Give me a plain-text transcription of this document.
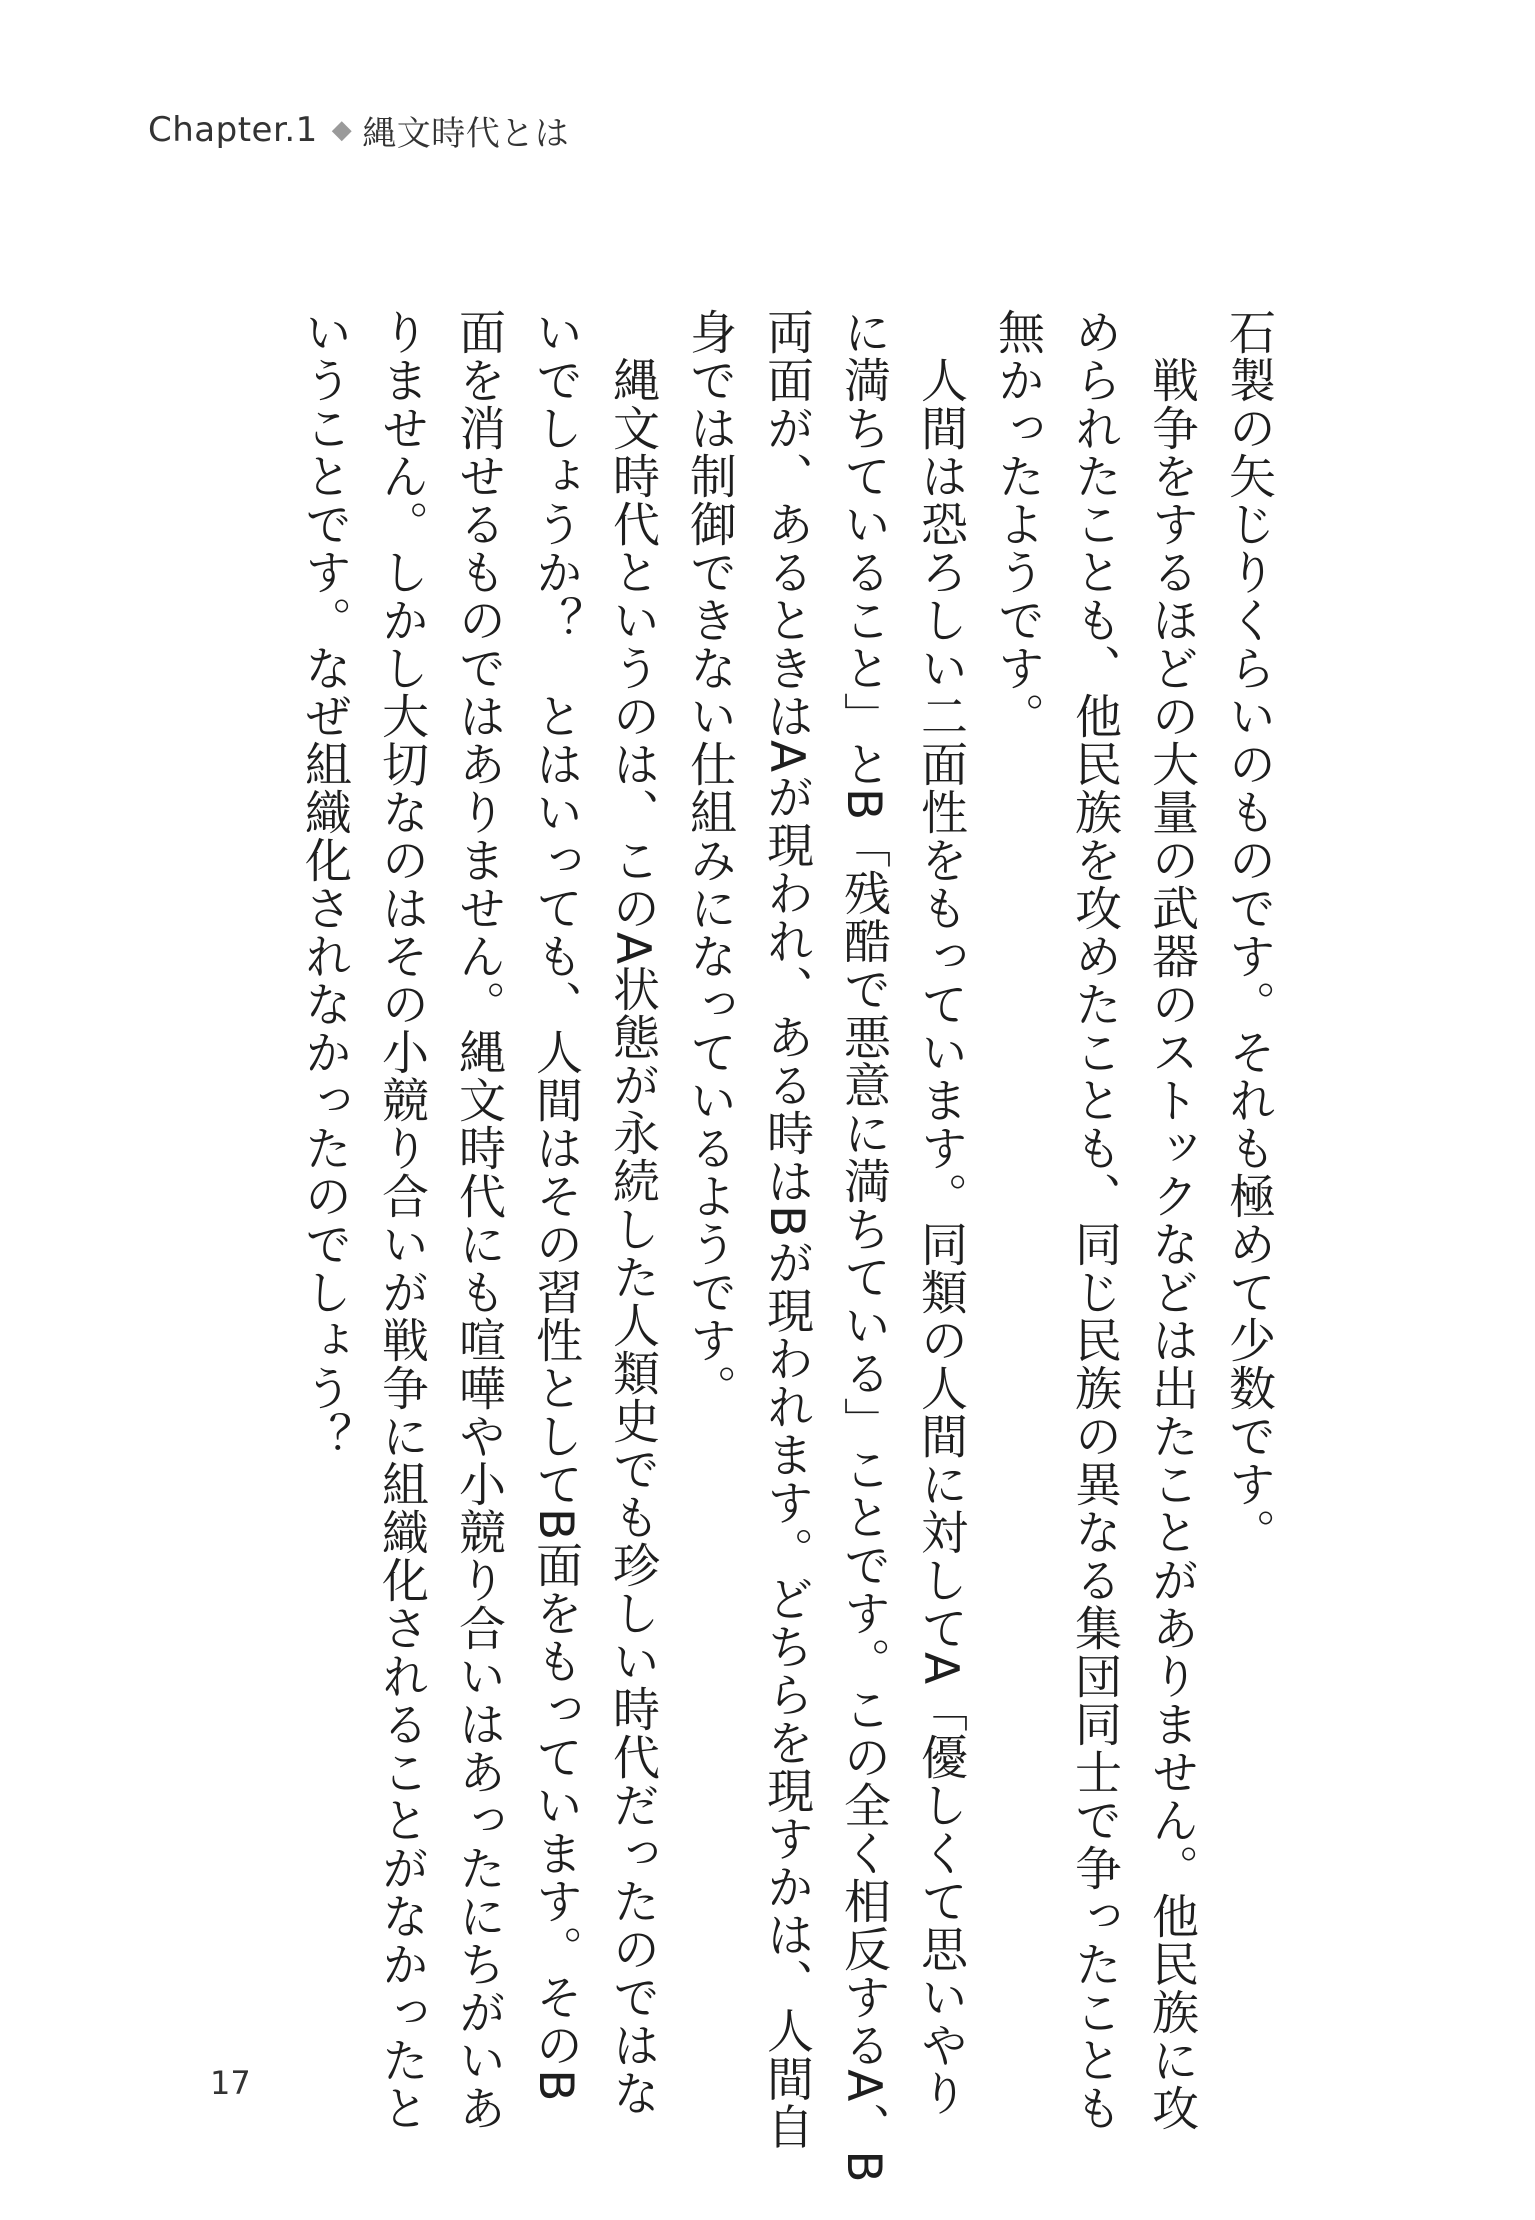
Chapter.1 ◆ 縄文時代とは
石製の矢じりくらいのものです。それも極めて少数です。
　戦争をするほどの大量の武器のストックなどは出たことがありません。他民族に攻
められたことも、他民族を攻めたことも、同じ民族の異なる集団同士で争ったことも
無かったようです。
　人間は恐ろしい二面性をもっています。同類の人間に対してA「優しくて思いやり
に満ちていること」とB「残酷で悪意に満ちている」ことです。この全く相反するA、B
両面が、あるときはAが現われ、ある時はBが現われます。どちらを現すかは、人間自
身では制御できない仕組みになっているようです。
　縄文時代というのは、このA状態が永続した人類史でも珍しい時代だったのではな
いでしょうか？　とはいっても、人間はその習性としてB面をもっています。そのB
面を消せるものではありません。縄文時代にも喧嘩や小競り合いはあったにちがいあ
りません。しかし大切なのはその小競り合いが戦争に組織化されることがなかったと
いうことです。なぜ組織化されなかったのでしょう？
17
